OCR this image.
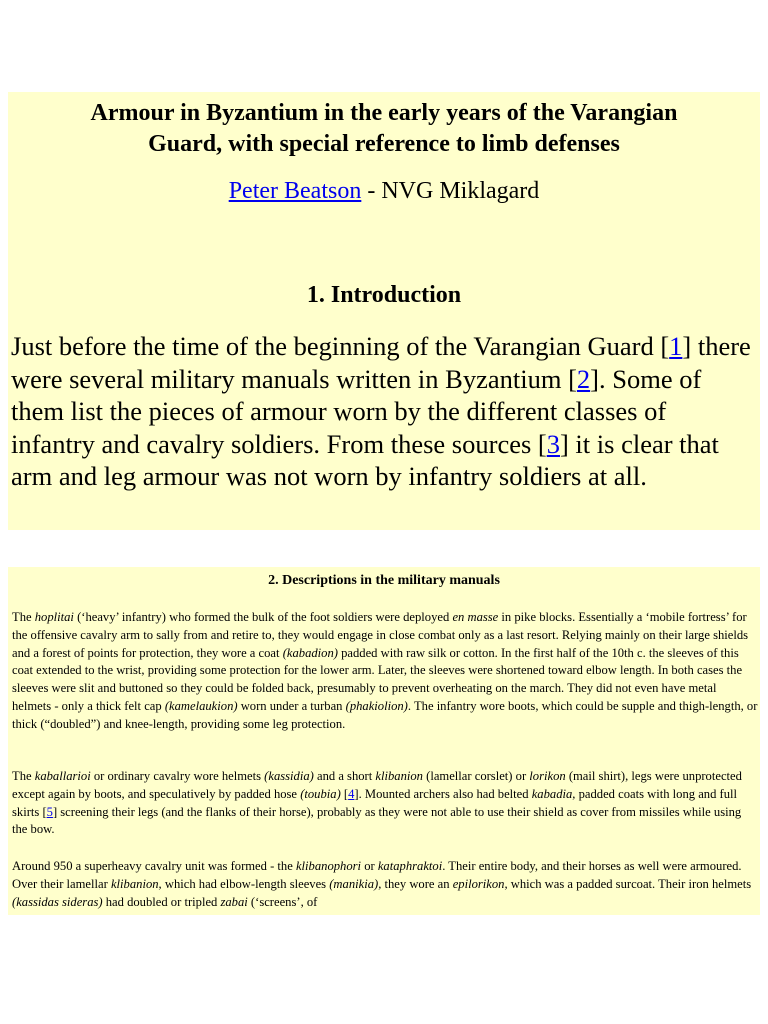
Armour in Byzantium in the early years of the Varangian
Guard, with special reference to limb defenses
Peter Beatson - NVG Miklagard
1. Introduction

Just before the time of the beginning of the Varangian Guard [1] there were several military manuals written in Byzantium [2]. Some of them list the pieces of armour worn by the different classes of infantry and cavalry soldiers. From these sources [3] it is clear that arm and leg armour was not worn by infantry soldiers at all.

2. Descriptions in the military manuals

The hoplitai (‘heavy’ infantry) who formed the bulk of the foot soldiers were deployed en masse in pike blocks. Essentially a ‘mobile fortress’ for the offensive cavalry arm to sally from and retire to, they would engage in close combat only as a last resort. Relying mainly on their large shields and a forest of points for protection, they wore a coat (kabadion) padded with raw silk or cotton. In the first half of the 10th c. the sleeves of this coat extended to the wrist, providing some protection for the lower arm. Later, the sleeves were shortened toward elbow length. In both cases the sleeves were slit and buttoned so they could be folded back, presumably to prevent overheating on the march. They did not even have metal helmets - only a thick felt cap (kamelaukion) worn under a turban (phakiolion). The infantry wore boots, which could be supple and thigh-length, or thick (“doubled”) and knee-length, providing some leg protection.

The kaballarioi or ordinary cavalry wore helmets (kassidia) and a short klibanion (lamellar corslet) or lorikon (mail shirt), legs were unprotected except again by boots, and speculatively by padded hose (toubia) [4]. Mounted archers also had belted kabadia, padded coats with long and full skirts [5] screening their legs (and the flanks of their horse), probably as they were not able to use their shield as cover from missiles while using the bow.

Around 950 a superheavy cavalry unit was formed - the klibanophori or kataphraktoi. Their entire body, and their horses as well were armoured. Over their lamellar klibanion, which had elbow-length sleeves (manikia), they wore an epilorikon, which was a padded surcoat. Their iron helmets (kassidas sideras) had doubled or tripled zabai (‘screens’, of
